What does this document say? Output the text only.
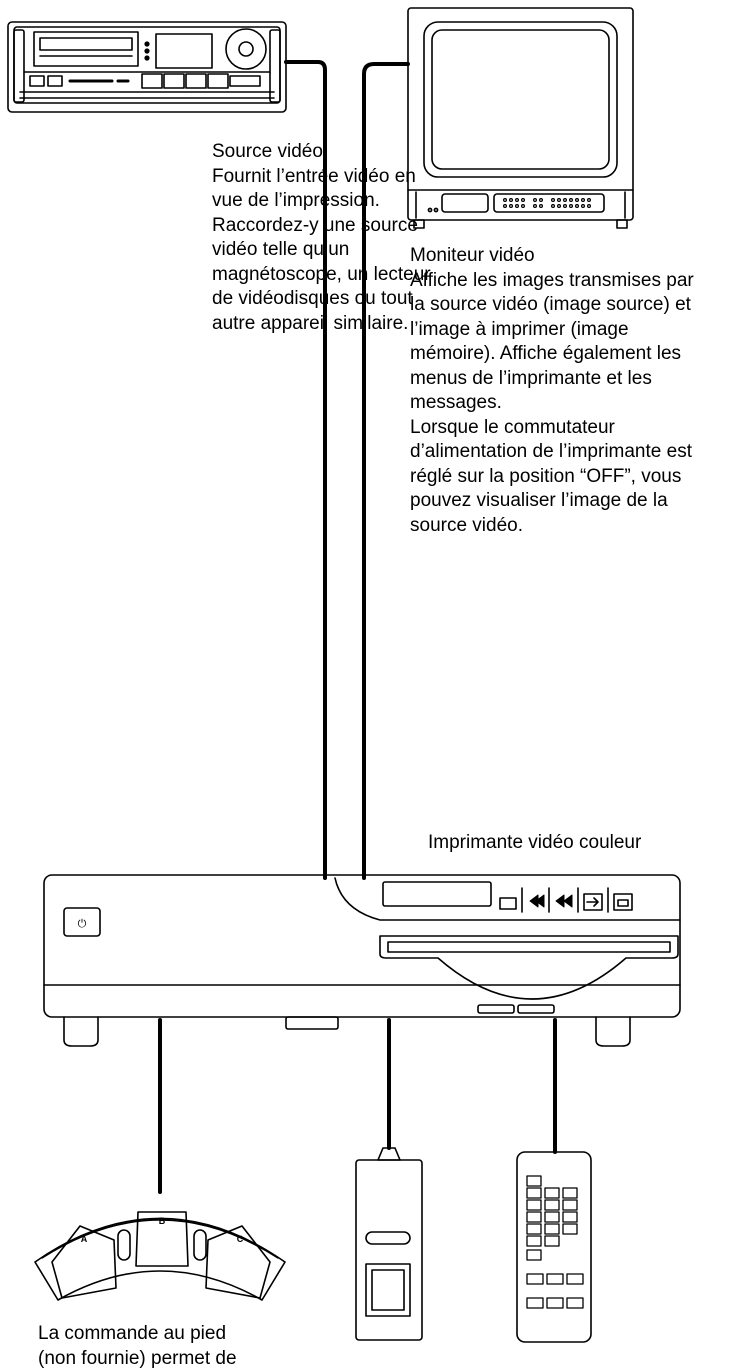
⏻
A
B
C
Source vidéo
Fournit l’entrée vidéo en
vue de l’impression.
Raccordez-y une source
vidéo telle qu’un
magnétoscope, un lecteur
de vidéodisques ou tout
autre appareil similaire.
Moniteur vidéo
Affiche les images transmises par
la source vidéo (image source) et
l’image à imprimer (image
mémoire). Affiche également les
menus de l’imprimante et les
messages.
Lorsque le commutateur
d’alimentation de l’imprimante est
réglé sur la position “OFF”, vous
pouvez visualiser l’image de la
source vidéo.
Imprimante vidéo couleur
La commande au pied
(non fournie) permet de
